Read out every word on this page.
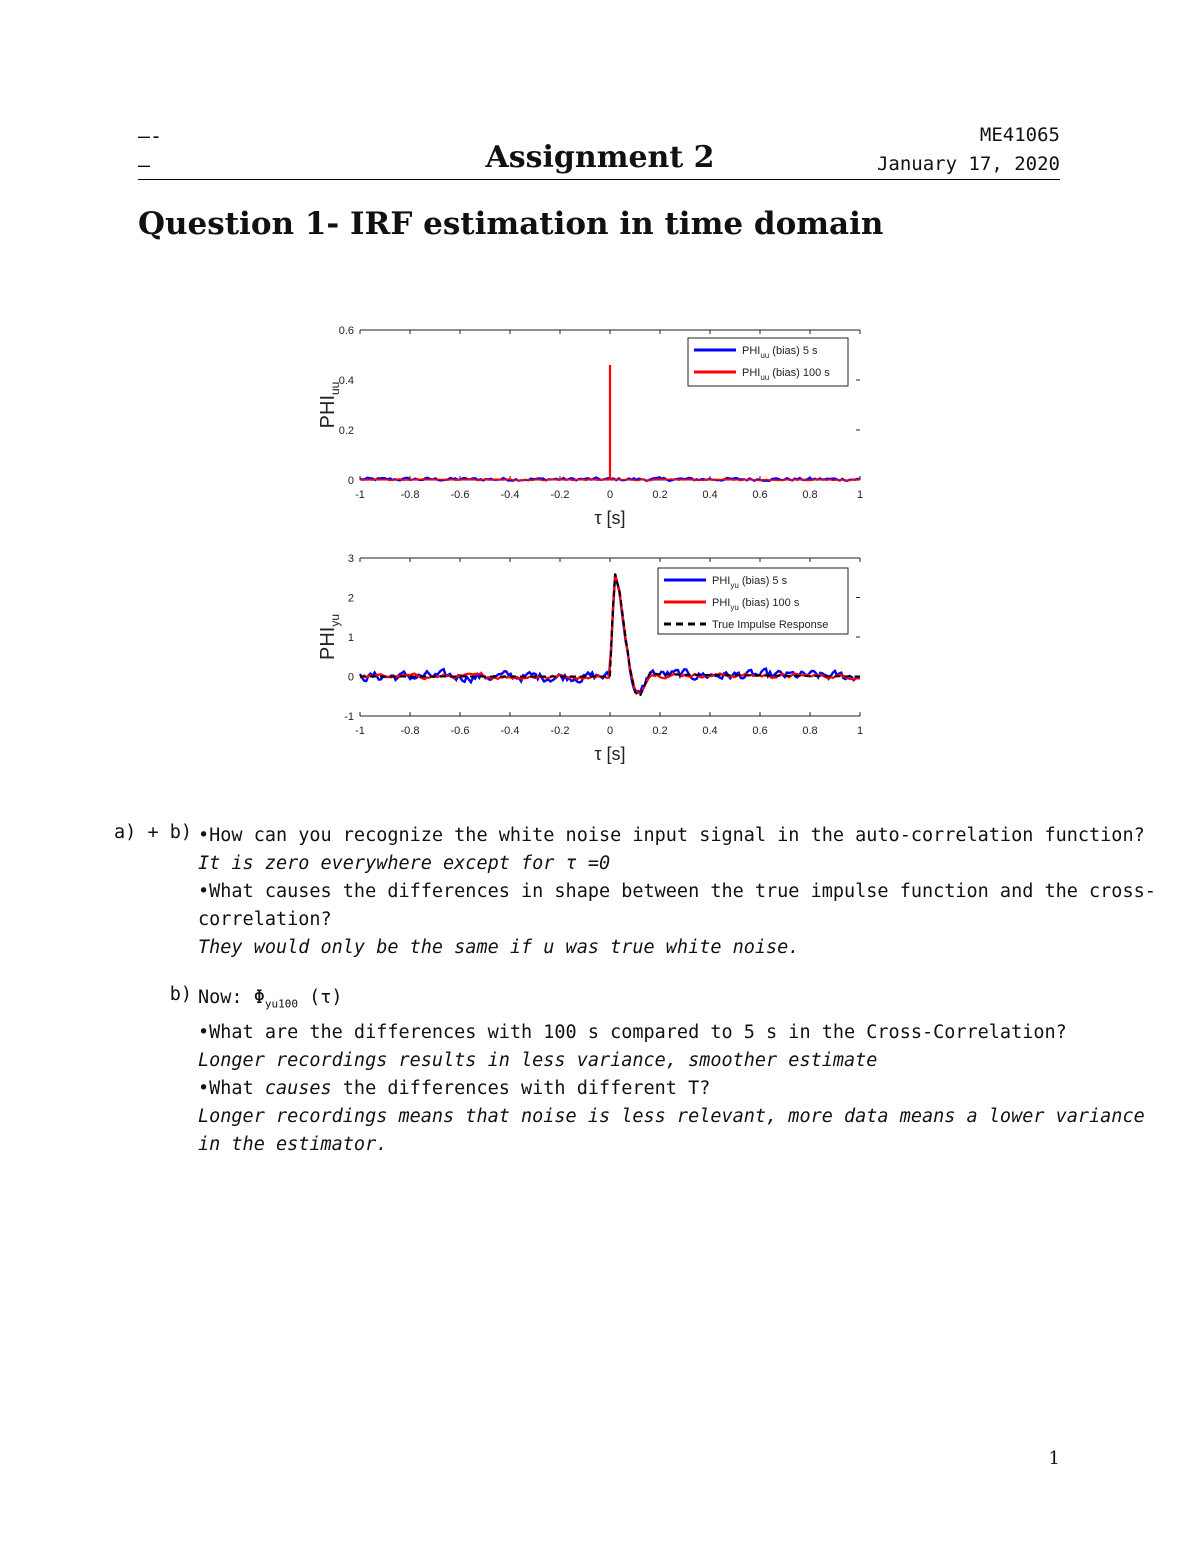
—-
—	Assignment 2
ME41065
January 17, 2020
Question 1- IRF estimation in time domain
-1	-0.8	-0.6	-0.4	-0.2	0	0.2	0.4	0.6	0.8	1
0
0.2
0.4
0.6
τ [s]
$PHI_{uu}$
$PHI_{uu}$ (bias) 5 s
$PHI_{uu}$ (bias) 100 s
-1	-0.8	-0.6	-0.4	-0.2	0	0.2	0.4	0.6	0.8	1
-1
0
1
2
3
τ [s]
$PHI_{yu}$
$PHI_{yu}$ (bias) 5 s
$PHI_{yu}$ (bias) 100 s
True Impulse Response
a) + b) •How can you recognize the white noise input signal in the auto-correlation function?
It is zero everywhere except for τ =0
•What causes the differences in shape between the true impulse function and the cross-
correlation?
They would only be the same if u was true white noise.
b) Now: $\Phi_{yu100}$ (τ)
•What are the differences with 100 s compared to 5 s in the Cross-Correlation?
Longer recordings results in less variance, smoother estimate
•What causes the differences with different T?
Longer recordings means that noise is less relevant, more data means a lower variance
in the estimator.
1
